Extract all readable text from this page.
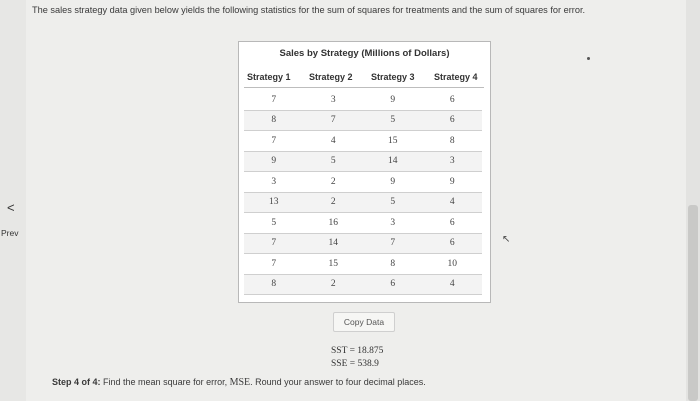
The sales strategy data given below yields the following statistics for the sum of squares for treatments and the sum of squares for error.
<
Prev
Sales by Strategy (Millions of Dollars)
Strategy 1 Strategy 2 Strategy 3 Strategy 4
7	3	9	6
8	7	5	6
7	4	15	8
9	5	14	3
3	2	9	9
13	2	5	4
5	16	3	6
7	14	7	6
7	15	8	10
8	2	6	4
Copy Data
SST = 18.875
SSE = 538.9
Step 4 of 4: Find the mean square for error, MSE. Round your answer to four decimal places.
↖
